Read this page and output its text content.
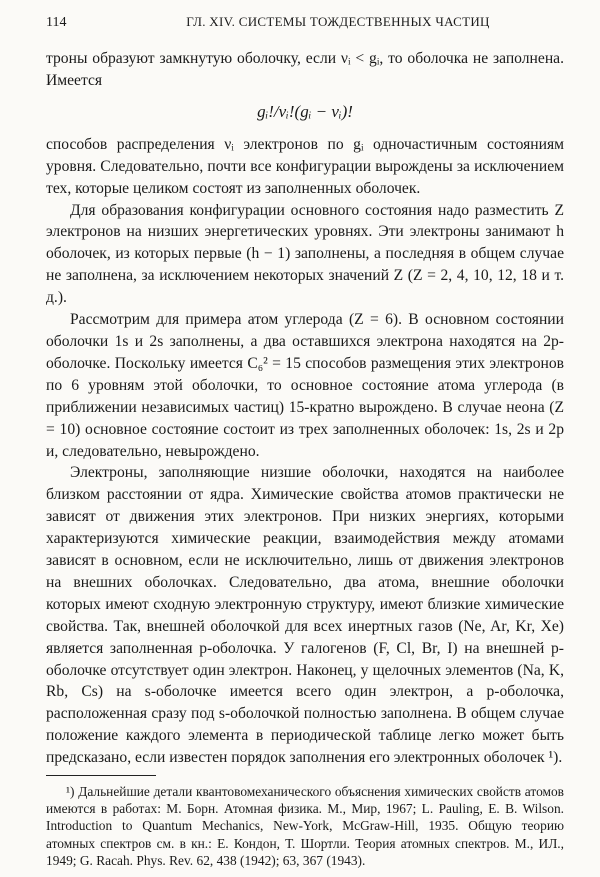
114	ГЛ. XIV. СИСТЕМЫ ТОЖДЕСТВЕННЫХ ЧАСТИЦ

троны образуют замкнутую оболочку, если νᵢ < gᵢ, то оболочка не заполнена. Имеется

gᵢ!/νᵢ!(gᵢ − νᵢ)!

способов распределения νᵢ электронов по gᵢ одночастичным состояниям уровня. Следовательно, почти все конфигурации вырождены за исключением тех, которые целиком состоят из заполненных оболочек.

Для образования конфигурации основного состояния надо разместить Z электронов на низших энергетических уровнях. Эти электроны занимают h оболочек, из которых первые (h − 1) заполнены, а последняя в общем случае не заполнена, за исключением некоторых значений Z (Z = 2, 4, 10, 12, 18 и т. д.).

Рассмотрим для примера атом углерода (Z = 6). В основном состоянии оболочки 1s и 2s заполнены, а два оставшихся электрона находятся на 2p-оболочке. Поскольку имеется C₆² = 15 способов размещения этих электронов по 6 уровням этой оболочки, то основное состояние атома углерода (в приближении независимых частиц) 15-кратно вырождено. В случае неона (Z = 10) основное состояние состоит из трех заполненных оболочек: 1s, 2s и 2p и, следовательно, невырождено.

Электроны, заполняющие низшие оболочки, находятся на наиболее близком расстоянии от ядра. Химические свойства атомов практически не зависят от движения этих электронов. При низких энергиях, которыми характеризуются химические реакции, взаимодействия между атомами зависят в основном, если не исключительно, лишь от движения электронов на внешних оболочках. Следовательно, два атома, внешние оболочки которых имеют сходную электронную структуру, имеют близкие химические свойства. Так, внешней оболочкой для всех инертных газов (Ne, Ar, Kr, Xe) является заполненная p-оболочка. У галогенов (F, Cl, Br, I) на внешней p-оболочке отсутствует один электрон. Наконец, у щелочных элементов (Na, K, Rb, Cs) на s-оболочке имеется всего один электрон, а p-оболочка, расположенная сразу под s-оболочкой полностью заполнена. В общем случае положение каждого элемента в периодической таблице легко может быть предсказано, если известен порядок заполнения его электронных оболочек ¹).

¹) Дальнейшие детали квантовомеханического объяснения химических свойств атомов имеются в работах: М. Борн. Атомная физика. М., Мир, 1967; L. Pauling, E. B. Wilson. Introduction to Quantum Mechanics, New-York, McGraw-Hill, 1935. Общую теорию атомных спектров см. в кн.: Е. Кондон, Т. Шортли. Теория атомных спектров. М., ИЛ., 1949; G. Racah. Phys. Rev. 62, 438 (1942); 63, 367 (1943).
